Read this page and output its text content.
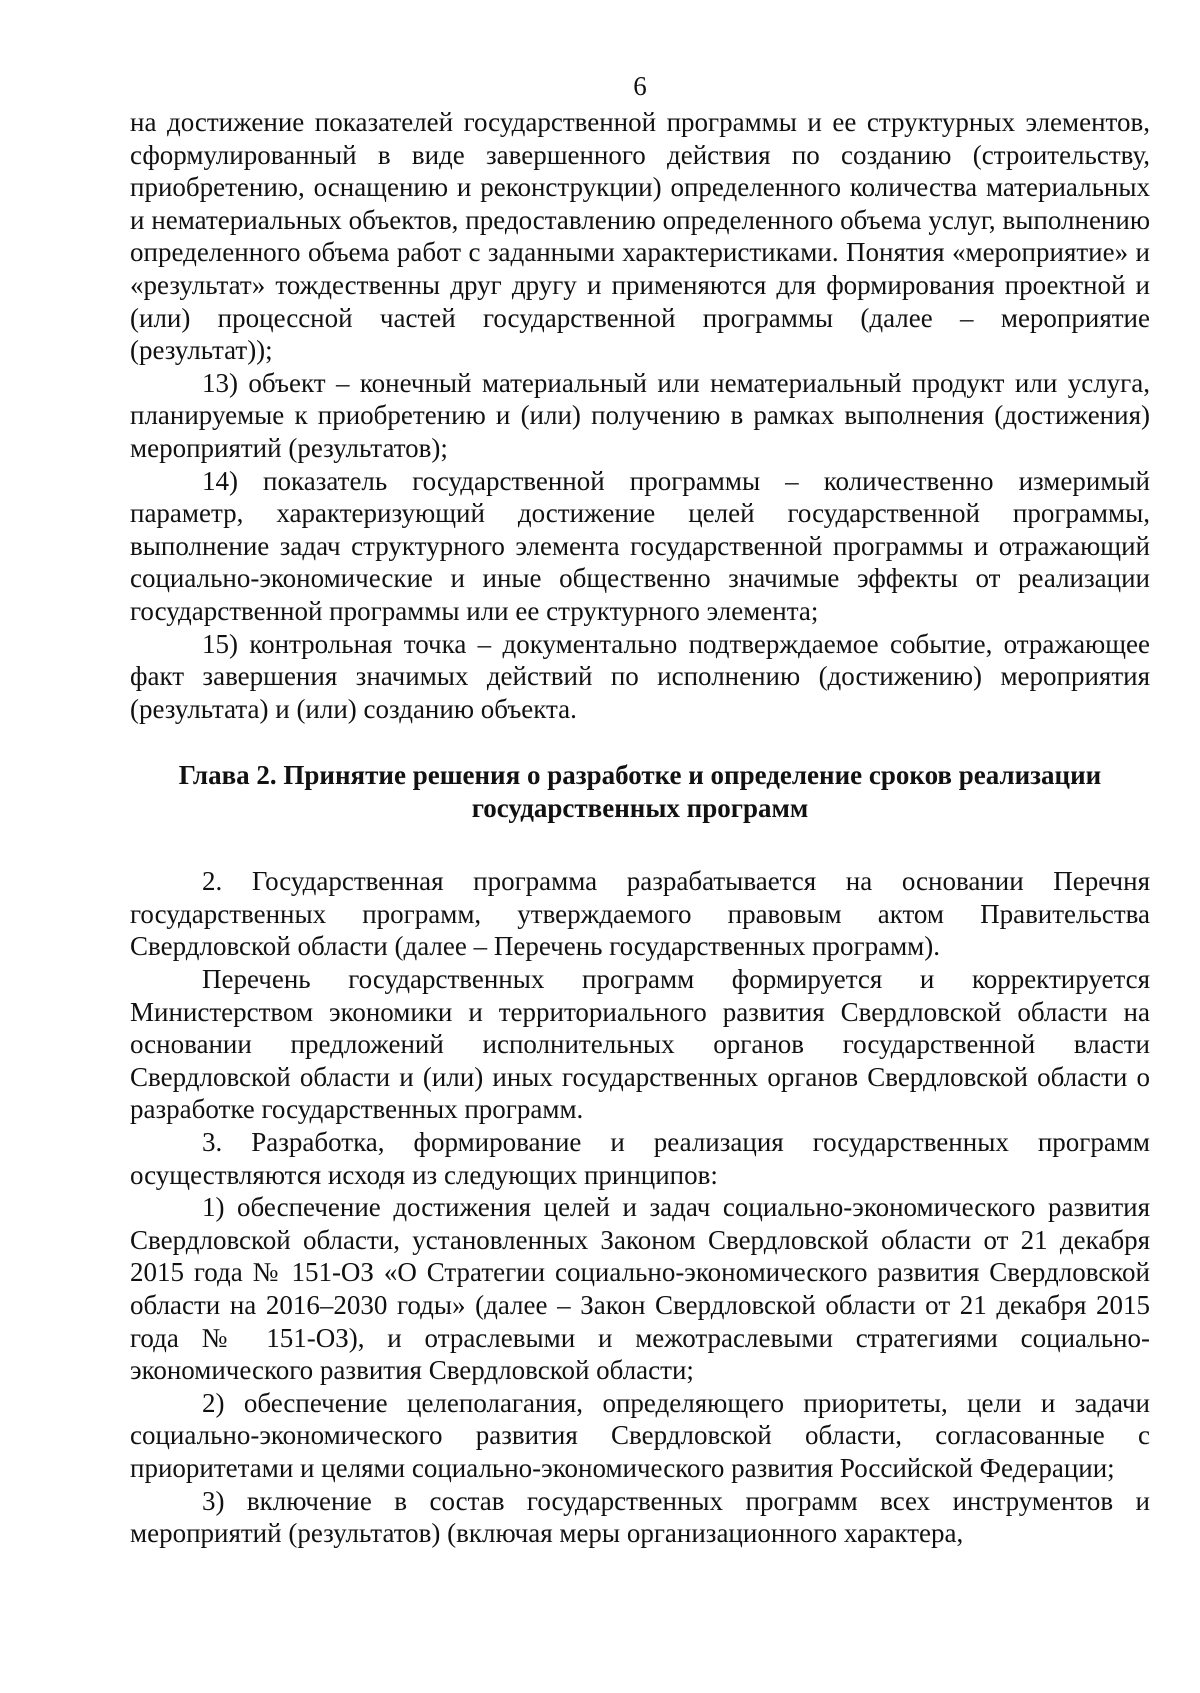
6

на достижение показателей государственной программы и ее структурных элементов, сформулированный в виде завершенного действия по созданию (строительству, приобретению, оснащению и реконструкции) определенного количества материальных и нематериальных объектов, предоставлению определенного объема услуг, выполнению определенного объема работ с заданными характеристиками. Понятия «мероприятие» и «результат» тождественны друг другу и применяются для формирования проектной и (или) процессной частей государственной программы (далее – мероприятие (результат));

13) объект – конечный материальный или нематериальный продукт или услуга, планируемые к приобретению и (или) получению в рамках выполнения (достижения) мероприятий (результатов);

14) показатель государственной программы – количественно измеримый параметр, характеризующий достижение целей государственной программы, выполнение задач структурного элемента государственной программы и отражающий социально-экономические и иные общественно значимые эффекты от реализации государственной программы или ее структурного элемента;

15) контрольная точка – документально подтверждаемое событие, отражающее факт завершения значимых действий по исполнению (достижению) мероприятия (результата) и (или) созданию объекта.

Глава 2. Принятие решения о разработке и определение сроков реализации государственных программ

2. Государственная программа разрабатывается на основании Перечня государственных программ, утверждаемого правовым актом Правительства Свердловской области (далее – Перечень государственных программ).

Перечень государственных программ формируется и корректируется Министерством экономики и территориального развития Свердловской области на основании предложений исполнительных органов государственной власти Свердловской области и (или) иных государственных органов Свердловской области о разработке государственных программ.

3. Разработка, формирование и реализация государственных программ осуществляются исходя из следующих принципов:

1) обеспечение достижения целей и задач социально-экономического развития Свердловской области, установленных Законом Свердловской области от 21 декабря 2015 года № 151-ОЗ «О Стратегии социально-экономического развития Свердловской области на 2016–2030 годы» (далее – Закон Свердловской области от 21 декабря 2015 года № 151-ОЗ), и отраслевыми и межотраслевыми стратегиями социально-экономического развития Свердловской области;

2) обеспечение целеполагания, определяющего приоритеты, цели и задачи социально-экономического развития Свердловской области, согласованные с приоритетами и целями социально-экономического развития Российской Федерации;

3) включение в состав государственных программ всех инструментов и мероприятий (результатов) (включая меры организационного характера,
